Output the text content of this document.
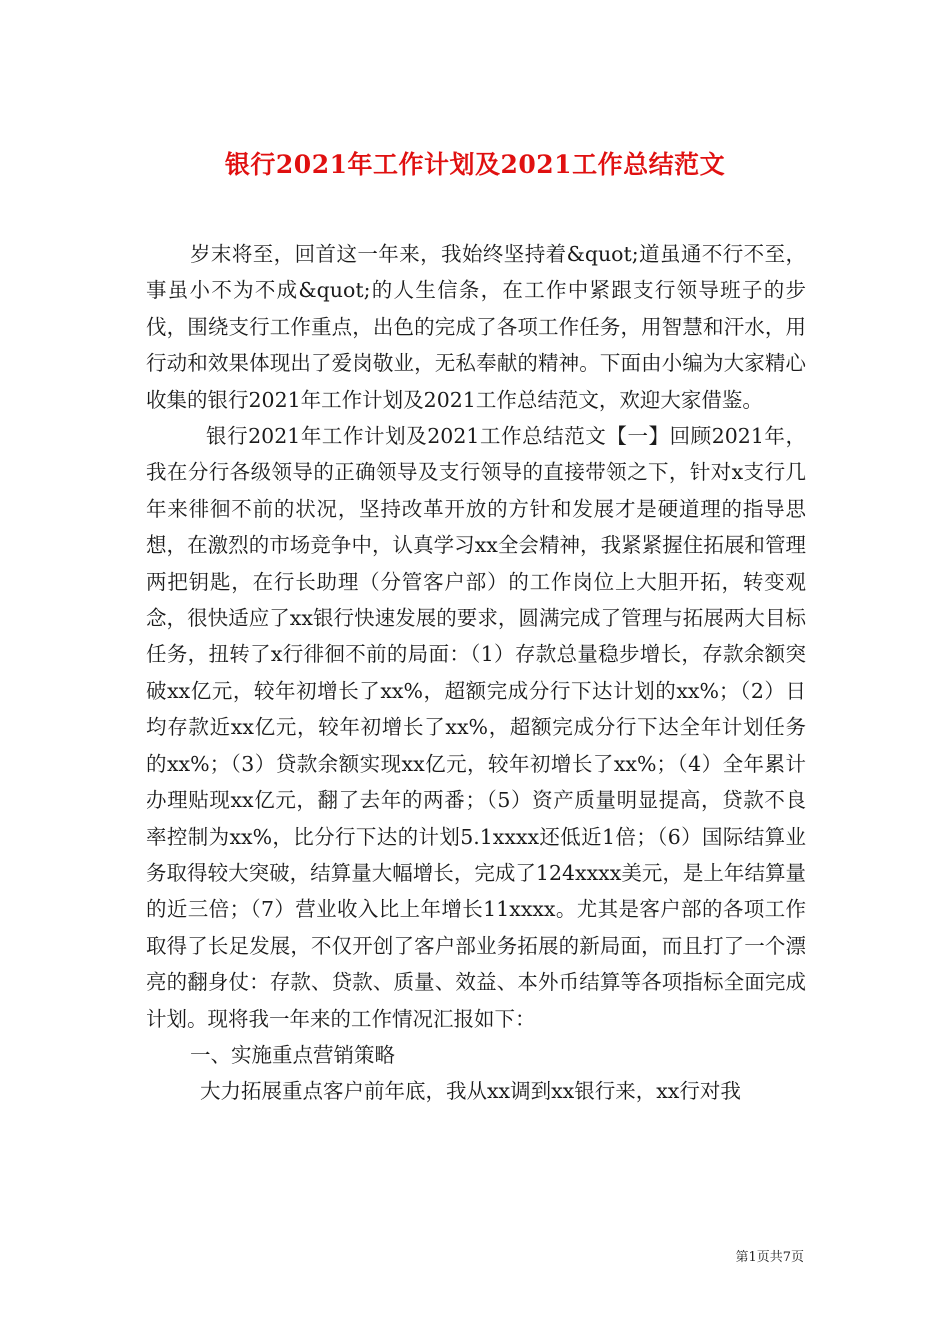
银行2021年工作计划及2021工作总结范文

岁末将至，回首这一年来，我始终坚持着&quot;道虽通不行不至，事虽小不为不成&quot;的人生信条，在工作中紧跟支行领导班子的步伐，围绕支行工作重点，出色的完成了各项工作任务，用智慧和汗水，用行动和效果体现出了爱岗敬业，无私奉献的精神。下面由小编为大家精心收集的银行2021年工作计划及2021工作总结范文，欢迎大家借鉴。

银行2021年工作计划及2021工作总结范文【一】回顾2021年，我在分行各级领导的正确领导及支行领导的直接带领之下，针对x支行几年来徘徊不前的状况，坚持改革开放的方针和发展才是硬道理的指导思想，在激烈的市场竞争中，认真学习xx全会精神，我紧紧握住拓展和管理两把钥匙，在行长助理（分管客户部）的工作岗位上大胆开拓，转变观念，很快适应了xx银行快速发展的要求，圆满完成了管理与拓展两大目标任务，扭转了x行徘徊不前的局面：（1）存款总量稳步增长，存款余额突破xx亿元，较年初增长了xx%，超额完成分行下达计划的xx%；（2）日均存款近xx亿元，较年初增长了xx%，超额完成分行下达全年计划任务的xx%；（3）贷款余额实现xx亿元，较年初增长了xx%；（4）全年累计办理贴现xx亿元，翻了去年的两番；（5）资产质量明显提高，贷款不良率控制为xx%，比分行下达的计划5.1xxxx还低近1倍；（6）国际结算业务取得较大突破，结算量大幅增长，完成了124xxxx美元，是上年结算量的近三倍；（7）营业收入比上年增长11xxxx。尤其是客户部的各项工作取得了长足发展，不仅开创了客户部业务拓展的新局面，而且打了一个漂亮的翻身仗：存款、贷款、质量、效益、本外币结算等各项指标全面完成计划。现将我一年来的工作情况汇报如下：

一、实施重点营销策略

大力拓展重点客户前年底，我从xx调到xx银行来，xx行对我

第1页共7页
